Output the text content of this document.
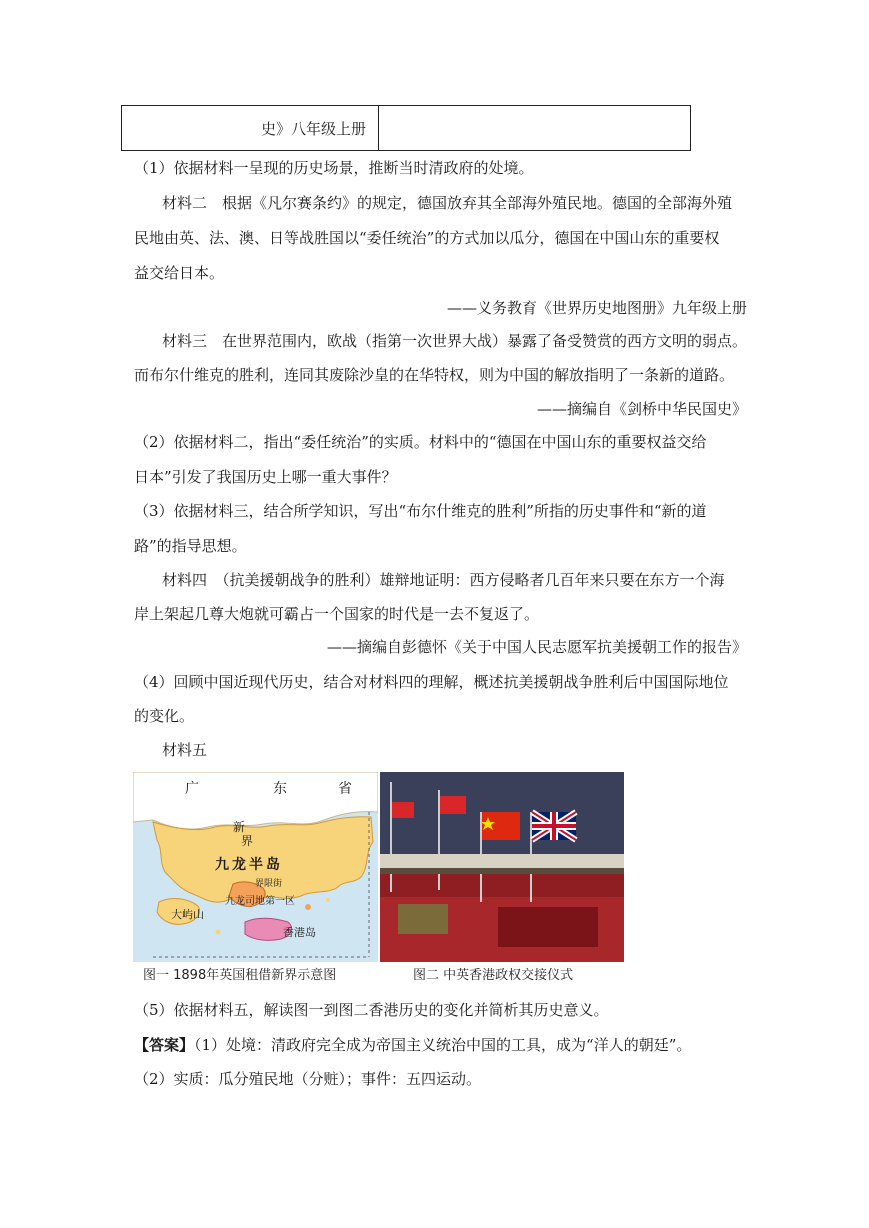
史》八年级上册
（1）依据材料一呈现的历史场景，推断当时清政府的处境。
材料二　根据《凡尔赛条约》的规定，德国放弃其全部海外殖民地。德国的全部海外殖
民地由英、法、澳、日等战胜国以“委任统治”的方式加以瓜分，德国在中国山东的重要权
益交给日本。
——义务教育《世界历史地图册》九年级上册
材料三　在世界范围内，欧战（指第一次世界大战）暴露了备受赞赏的西方文明的弱点。
而布尔什维克的胜利，连同其废除沙皇的在华特权，则为中国的解放指明了一条新的道路。
——摘编自《剑桥中华民国史》
（2）依据材料二，指出“委任统治”的实质。材料中的“德国在中国山东的重要权益交给
日本”引发了我国历史上哪一重大事件？
（3）依据材料三，结合所学知识，写出“布尔什维克的胜利”所指的历史事件和“新的道
路”的指导思想。
材料四　（抗美援朝战争的胜利）雄辩地证明：西方侵略者几百年来只要在东方一个海
岸上架起几尊大炮就可霸占一个国家的时代是一去不复返了。
——摘编自彭德怀《关于中国人民志愿军抗美援朝工作的报告》
（4）回顾中国近现代历史，结合对材料四的理解，概述抗美援朝战争胜利后中国国际地位
的变化。
材料五
广	东	省
新
界
九龙半岛
界限街
九龙司地第一区
大屿山
香港岛
图一 1898年英国租借新界示意图	图二 中英香港政权交接仪式
（5）依据材料五，解读图一到图二香港历史的变化并简析其历史意义。
【答案】（1）处境：清政府完全成为帝国主义统治中国的工具，成为“洋人的朝廷”。
（2）实质：瓜分殖民地（分赃）；事件：五四运动。
